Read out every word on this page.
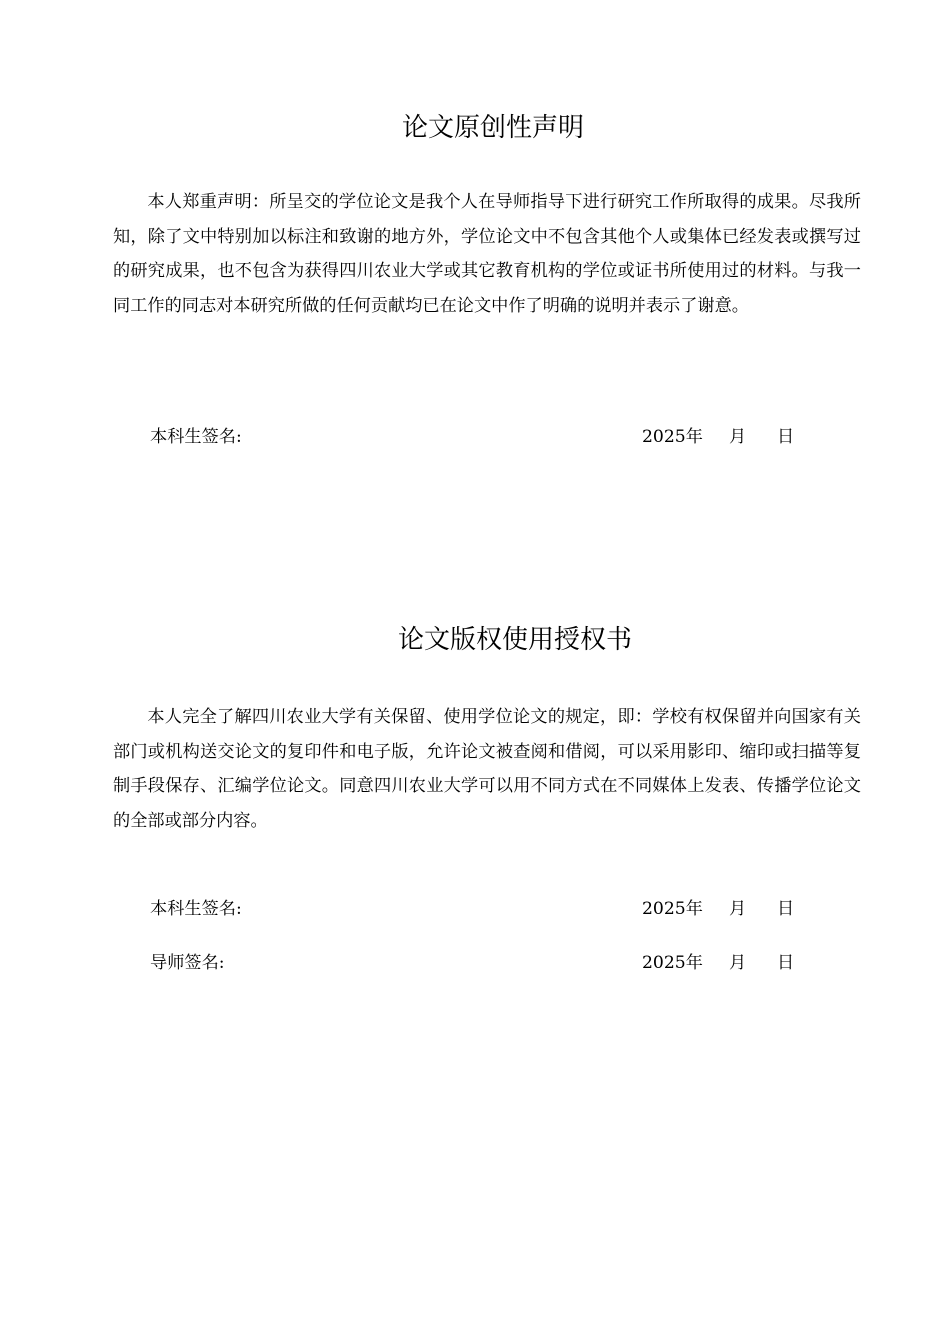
论文原创性声明

本人郑重声明：所呈交的学位论文是我个人在导师指导下进行研究工作所取得的成果。尽我所知，除了文中特别加以标注和致谢的地方外，学位论文中不包含其他个人或集体已经发表或撰写过的研究成果，也不包含为获得四川农业大学或其它教育机构的学位或证书所使用过的材料。与我一同工作的同志对本研究所做的任何贡献均已在论文中作了明确的说明并表示了谢意。

本科生签名:	2025年 月 日
论文版权使用授权书

本人完全了解四川农业大学有关保留、使用学位论文的规定，即：学校有权保留并向国家有关部门或机构送交论文的复印件和电子版，允许论文被查阅和借阅，可以采用影印、缩印或扫描等复制手段保存、汇编学位论文。同意四川农业大学可以用不同方式在不同媒体上发表、传播学位论文的全部或部分内容。

本科生签名:	2025年 月 日
导师签名:	2025年 月 日
